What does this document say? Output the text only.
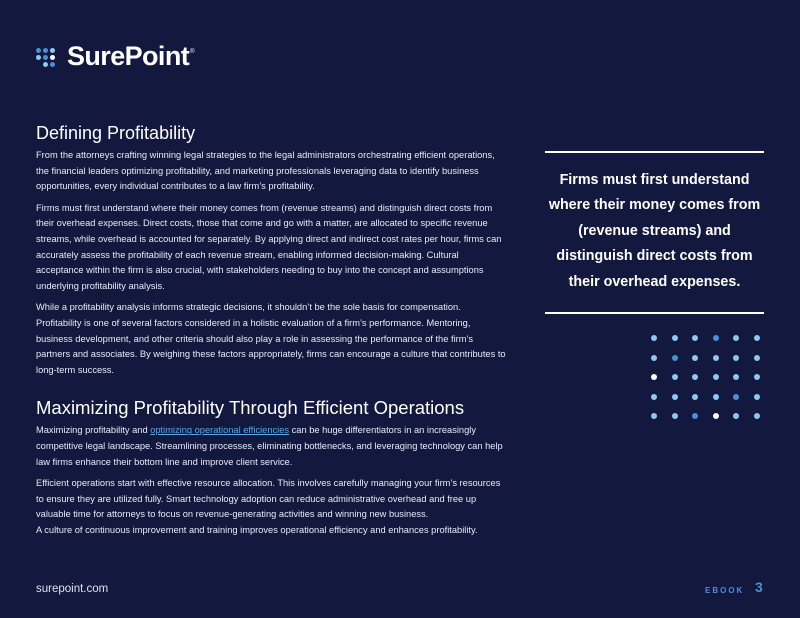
SurePoint ®
Defining Profitability

From the attorneys crafting winning legal strategies to the legal administrators orchestrating efficient operations, the financial leaders optimizing profitability, and marketing professionals leveraging data to identify business opportunities, every individual contributes to a law firm’s profitability.

Firms must first understand where their money comes from (revenue streams) and distinguish direct costs from their overhead expenses. Direct costs, those that come and go with a matter, are allocated to specific revenue streams, while overhead is accounted for separately. By applying direct and indirect cost rates per hour, firms can accurately assess the profitability of each revenue stream, enabling informed decision-making. Cultural acceptance within the firm is also crucial, with stakeholders needing to buy into the concept and assumptions underlying profitability analysis.

While a profitability analysis informs strategic decisions, it shouldn’t be the sole basis for compensation. Profitability is one of several factors considered in a holistic evaluation of a firm’s performance. Mentoring, business development, and other criteria should also play a role in assessing the performance of the firm’s partners and associates. By weighing these factors appropriately, firms can encourage a culture that contributes to long-term success.

Maximizing Profitability Through Efficient Operations

Maximizing profitability and optimizing operational efficiencies can be huge differentiators in an increasingly competitive legal landscape. Streamlining processes, eliminating bottlenecks, and leveraging technology can help law firms enhance their bottom line and improve client service.

Efficient operations start with effective resource allocation. This involves carefully managing your firm’s resources to ensure they are utilized fully. Smart technology adoption can reduce administrative overhead and free up valuable time for attorneys to focus on revenue-generating activities and winning new business.
A culture of continuous improvement and training improves operational efficiency and enhances profitability.

Firms must first understand where their money comes from (revenue streams) and distinguish direct costs from their overhead expenses.
surepoint.com	EBOOK 3
